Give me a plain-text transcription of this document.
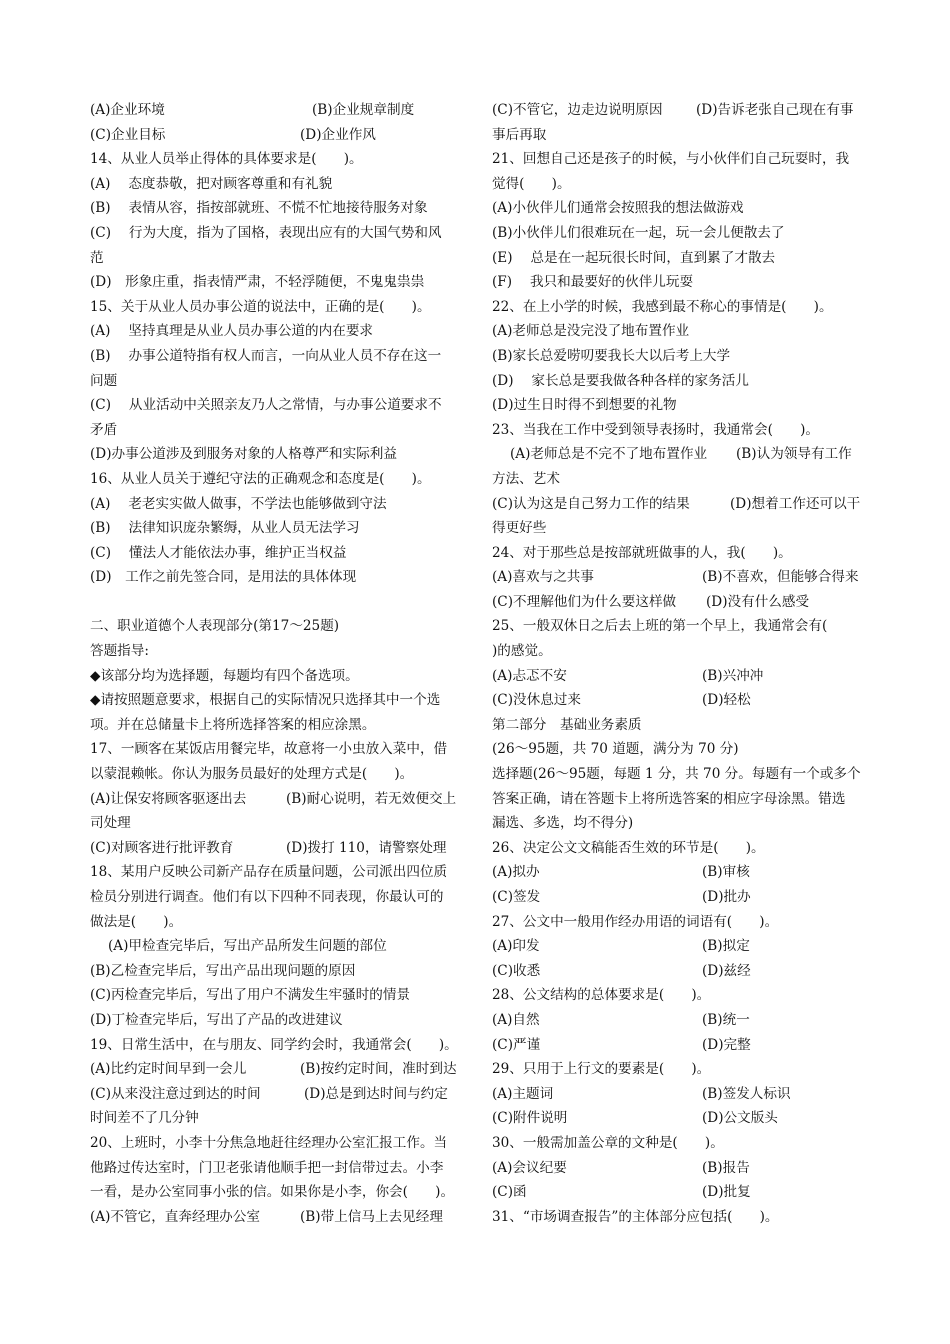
(A)企业环境	(B)企业规章制度
(C)企业目标	(D)企业作风
14、从业人员举止得体的具体要求是(　　)。
(A)　 态度恭敬，把对顾客尊重和有礼貌
(B)　 表情从容，指按部就班、不慌不忙地接待服务对象
(C)　 行为大度，指为了国格，表现出应有的大国气势和风
范
(D)　形象庄重，指表情严肃，不轻浮随便，不鬼鬼祟祟
15、关于从业人员办事公道的说法中，正确的是(　　)。
(A)　 坚持真理是从业人员办事公道的内在要求
(B)　 办事公道特指有权人而言，一向从业人员不存在这一
问题
(C)　 从业活动中关照亲友乃人之常情，与办事公道要求不
矛盾
(D)办事公道涉及到服务对象的人格尊严和实际利益
16、从业人员关于遵纪守法的正确观念和态度是(　　)。
(A)　 老老实实做人做事，不学法也能够做到守法
(B)　 法律知识庞杂繁缛，从业人员无法学习
(C)　 懂法人才能依法办事，维护正当权益
(D)　工作之前先签合同，是用法的具体体现
二、职业道德个人表现部分(第17～25题)
答题指导:
◆该部分均为选择题，每题均有四个备选项。
◆请按照题意要求，根据自己的实际情况只选择其中一个选
项。并在总储量卡上将所选择答案的相应涂黑。
17、一顾客在某饭店用餐完毕，故意将一小虫放入菜中，借
以蒙混赖帐。你认为服务员最好的处理方式是(　　)。
(A)让保安将顾客驱逐出去	(B)耐心说明，若无效便交上
司处理
(C)对顾客进行批评教育	(D)拨打 110，请警察处理
18、某用户反映公司新产品存在质量问题，公司派出四位质
检员分别进行调查。他们有以下四种不同表现，你最认可的
做法是(　　)。
(A)甲检查完毕后，写出产品所发生问题的部位
(B)乙检查完毕后，写出产品出现问题的原因
(C)丙检查完毕后，写出了用户不满发生牢骚时的情景
(D)丁检查完毕后，写出了产品的改进建议
19、日常生活中，在与朋友、同学约会时，我通常会(　　)。
(A)比约定时间早到一会儿	(B)按约定时间，准时到达
(C)从来没注意过到达的时间	(D)总是到达时间与约定
时间差不了几分钟
20、上班时，小李十分焦急地赶往经理办公室汇报工作。当
他路过传达室时，门卫老张请他顺手把一封信带过去。小李
一看，是办公室同事小张的信。如果你是小李，你会(　　)。
(A)不管它，直奔经理办公室	(B)带上信马上去见经理
(C)不管它，边走边说明原因	(D)告诉老张自己现在有事
事后再取
21、回想自己还是孩子的时候，与小伙伴们自己玩耍时，我
觉得(　　)。
(A)小伙伴儿们通常会按照我的想法做游戏
(B)小伙伴儿们很难玩在一起，玩一会儿便散去了
(E)　 总是在一起玩很长时间，直到累了才散去
(F)　 我只和最要好的伙伴儿玩耍
22、在上小学的时候，我感到最不称心的事情是(　　)。
(A)老师总是没完没了地布置作业
(B)家长总爱唠叨要我长大以后考上大学
(D)　 家长总是要我做各种各样的家务活儿
(D)过生日时得不到想要的礼物
23、当我在工作中受到领导表扬时，我通常会(　　)。
(A)老师总是不完不了地布置作业	(B)认为领导有工作
方法、艺术
(C)认为这是自己努力工作的结果	(D)想着工作还可以干
得更好些
24、对于那些总是按部就班做事的人，我(　　)。
(A)喜欢与之共事	(B)不喜欢，但能够合得来
(C)不理解他们为什么要这样做	(D)没有什么感受
25、一般双休日之后去上班的第一个早上，我通常会有(
)的感觉。
(A)忐忑不安	(B)兴冲冲
(C)没休息过来	(D)轻松
第二部分　基础业务素质
(26～95题，共 70 道题，满分为 70 分)
选择题(26～95题，每题 1 分，共 70 分。每题有一个或多个
答案正确，请在答题卡上将所选答案的相应字母涂黑。错选
漏选、多选，均不得分)
26、决定公文文稿能否生效的环节是(　　)。
(A)拟办	(B)审核
(C)签发	(D)批办
27、公文中一般用作经办用语的词语有(　　)。
(A)印发	(B)拟定
(C)收悉	(D)兹经
28、公文结构的总体要求是(　　)。
(A)自然	(B)统一
(C)严谨	(D)完整
29、只用于上行文的要素是(　　)。
(A)主题词	(B)签发人标识
(C)附件说明	(D)公文版头
30、一般需加盖公章的文种是(　　)。
(A)会议纪要	(B)报告
(C)函	(D)批复
31、“市场调查报告”的主体部分应包括(　　)。
